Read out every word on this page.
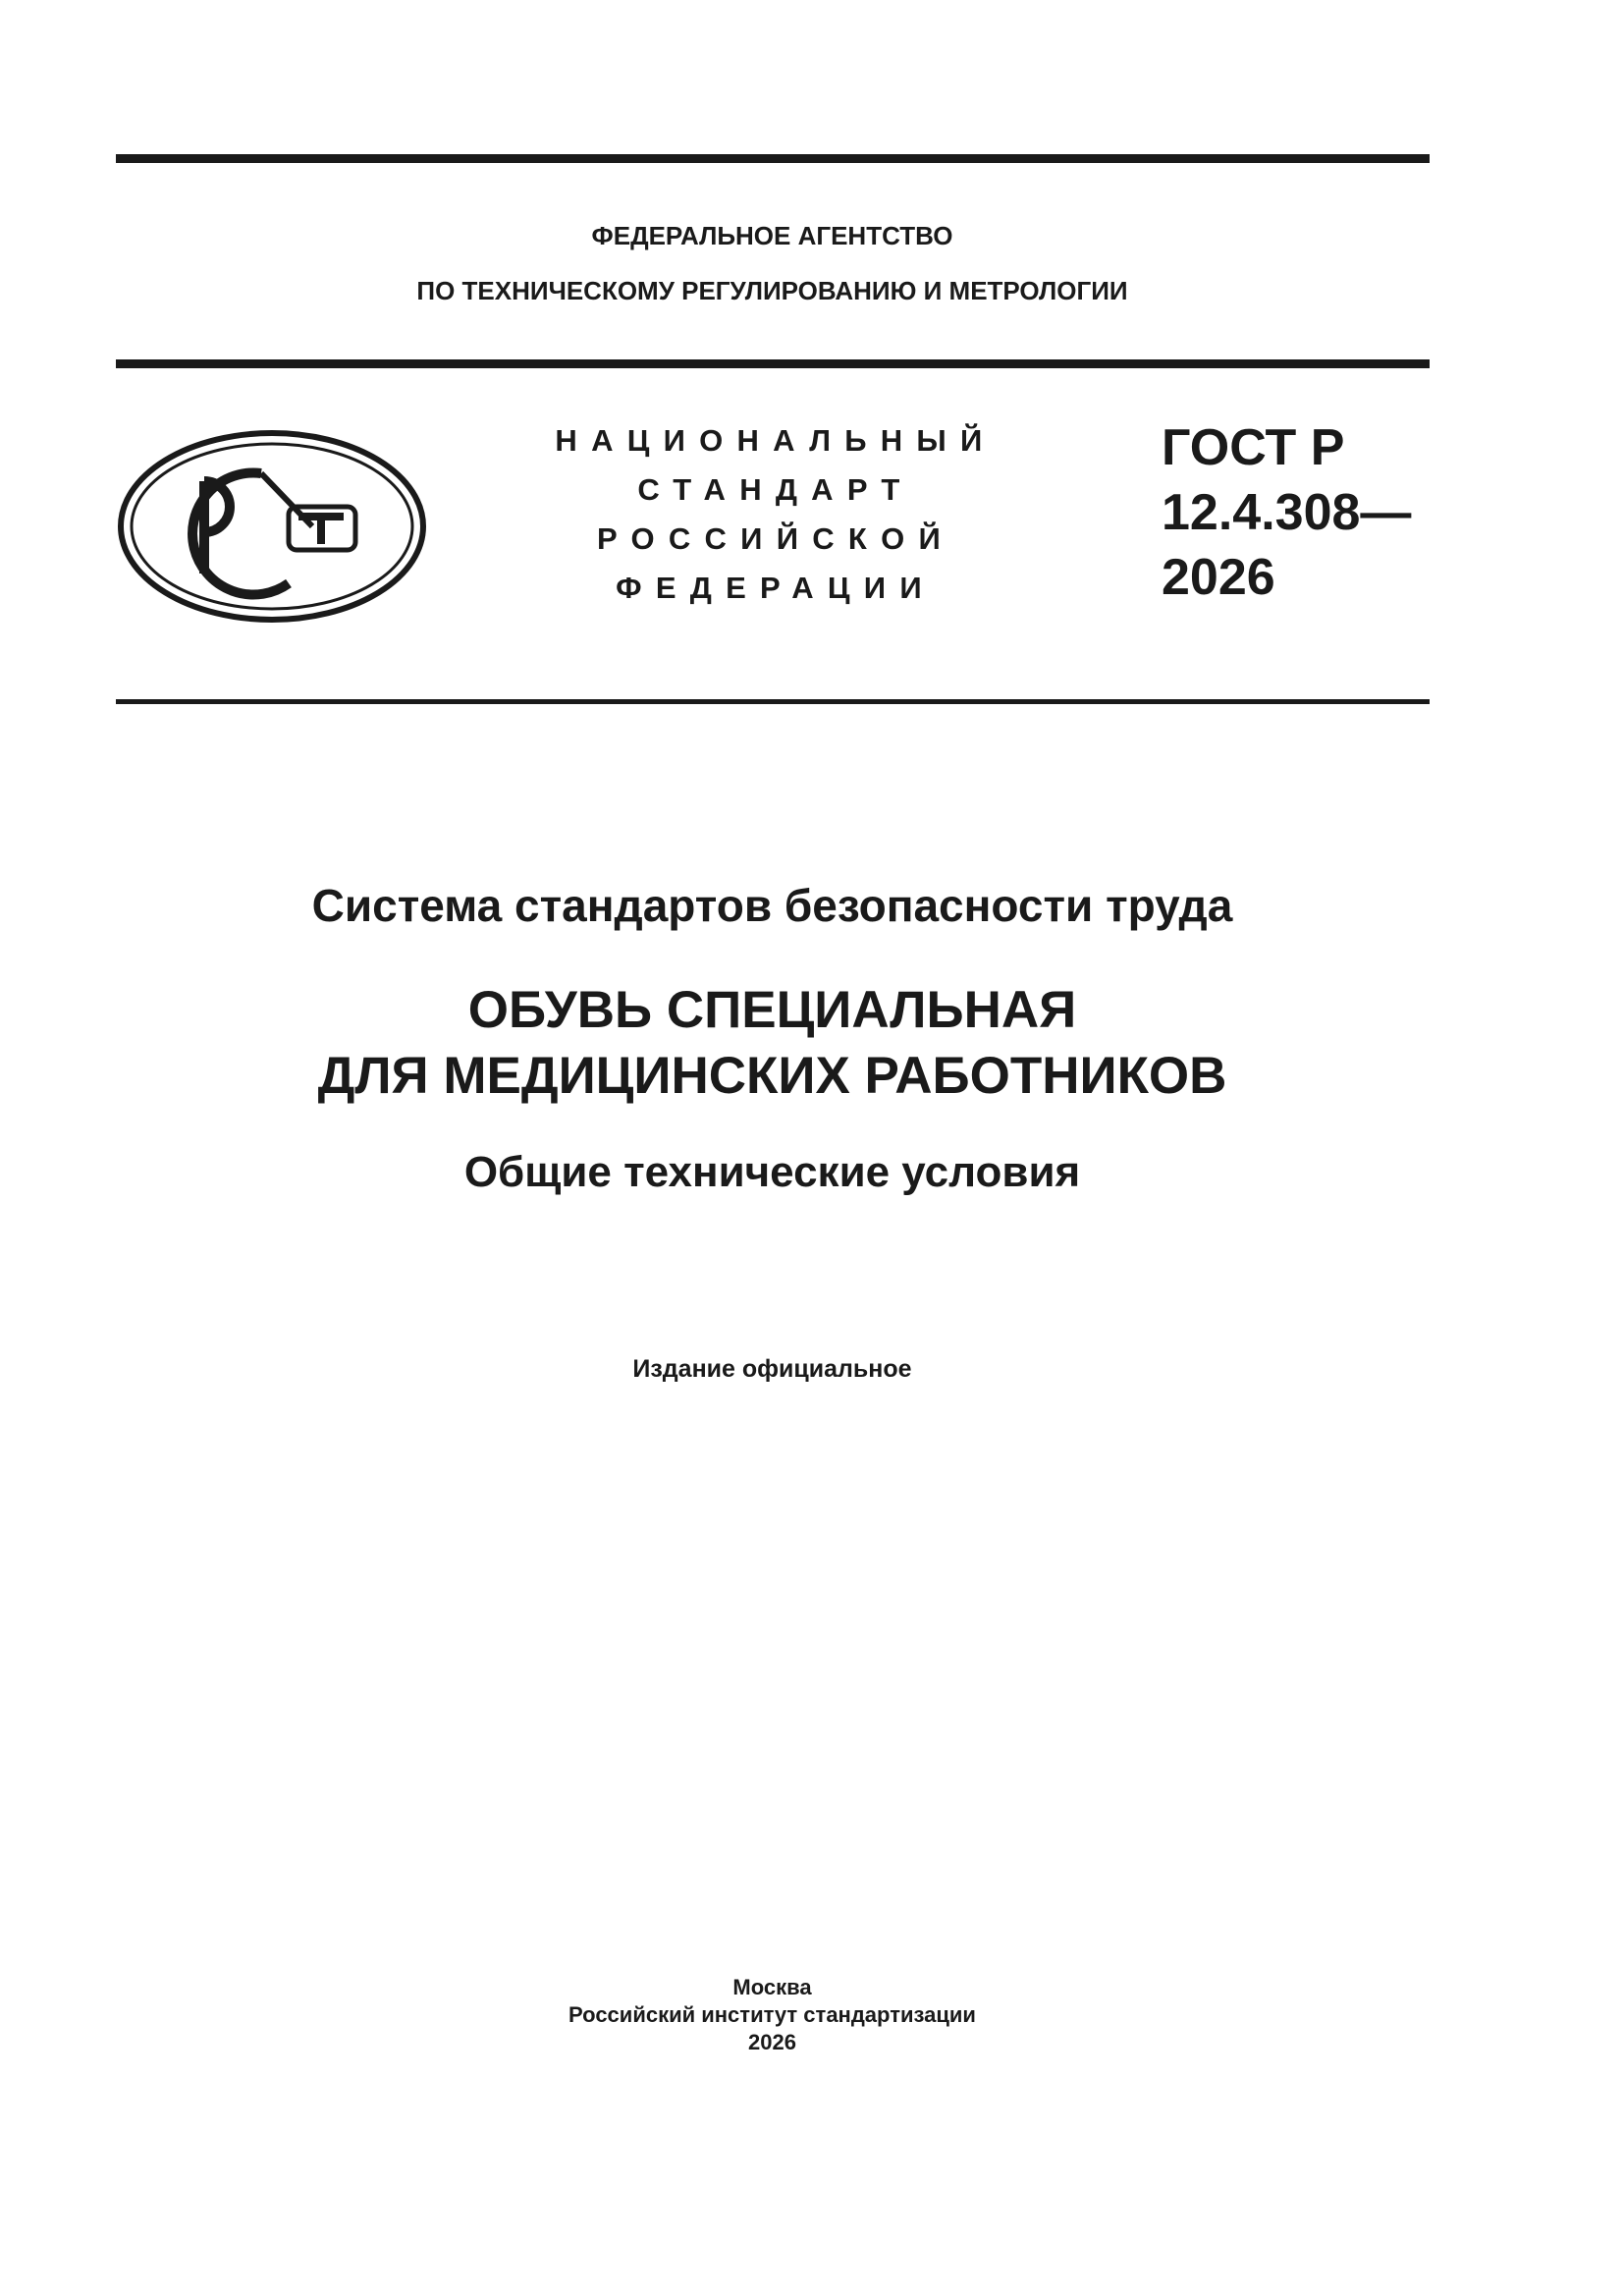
ФЕДЕРАЛЬНОЕ АГЕНТСТВО
ПО ТЕХНИЧЕСКОМУ РЕГУЛИРОВАНИЮ И МЕТРОЛОГИИ
НАЦИОНАЛЬНЫЙ
СТАНДАРТ
РОССИЙСКОЙ
ФЕДЕРАЦИИ
ГОСТ Р
12.4.308—
2026
Система стандартов безопасности труда
ОБУВЬ СПЕЦИАЛЬНАЯ
ДЛЯ МЕДИЦИНСКИХ РАБОТНИКОВ
Общие технические условия
Издание официальное
Москва
Российский институт стандартизации
2026
